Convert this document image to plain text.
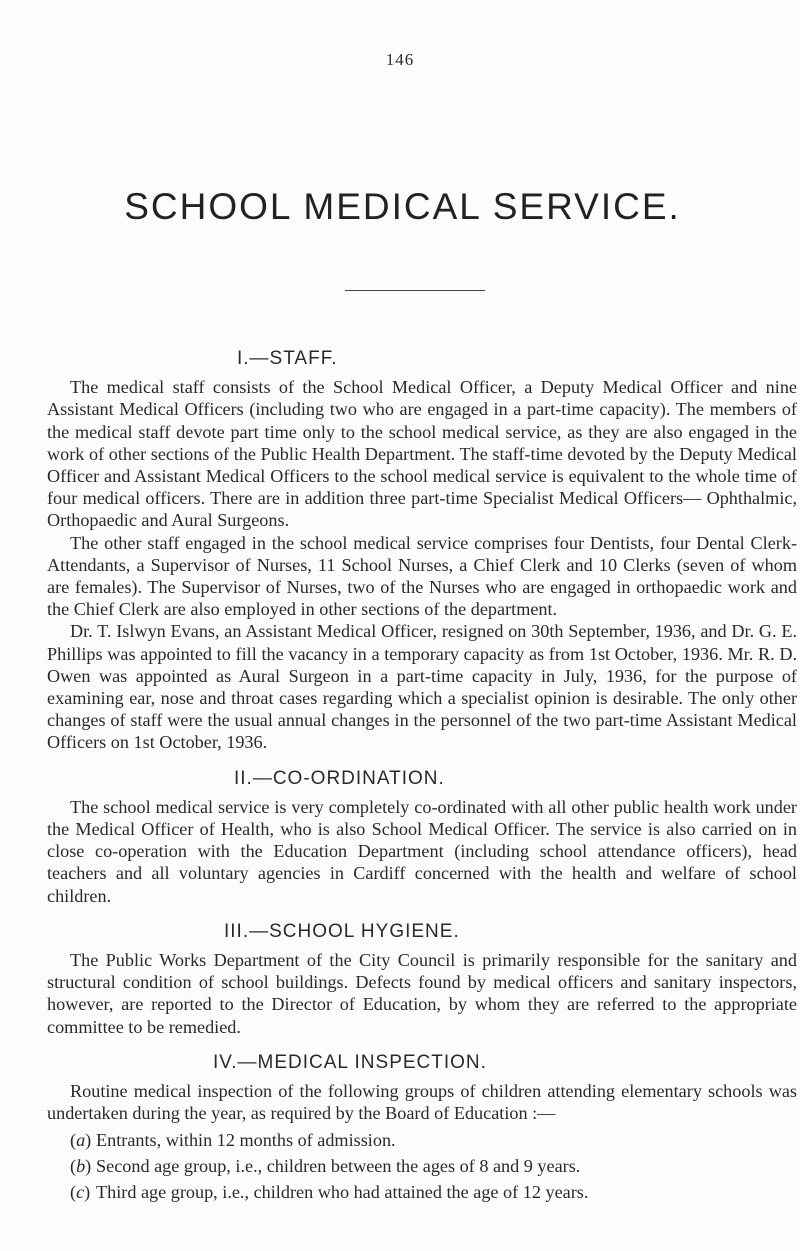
146
SCHOOL MEDICAL SERVICE.
I.—STAFF.

The medical staff consists of the School Medical Officer, a Deputy Medical Officer and nine Assistant Medical Officers (including two who are engaged in a part-time capacity). The members of the medical staff devote part time only to the school medical service, as they are also engaged in the work of other sections of the Public Health Department. The staff-time devoted by the Deputy Medical Officer and Assistant Medical Officers to the school medical service is equivalent to the whole time of four medical officers. There are in addition three part-time Specialist Medical Officers— Ophthalmic, Orthopaedic and Aural Surgeons.

The other staff engaged in the school medical service comprises four Dentists, four Dental Clerk-Attendants, a Supervisor of Nurses, 11 School Nurses, a Chief Clerk and 10 Clerks (seven of whom are females). The Supervisor of Nurses, two of the Nurses who are engaged in orthopaedic work and the Chief Clerk are also employed in other sections of the department.

Dr. T. Islwyn Evans, an Assistant Medical Officer, resigned on 30th September, 1936, and Dr. G. E. Phillips was appointed to fill the vacancy in a temporary capacity as from 1st October, 1936. Mr. R. D. Owen was appointed as Aural Surgeon in a part-time capacity in July, 1936, for the purpose of examining ear, nose and throat cases regarding which a specialist opinion is desirable. The only other changes of staff were the usual annual changes in the personnel of the two part-time Assistant Medical Officers on 1st October, 1936.

II.—CO-ORDINATION.

The school medical service is very completely co-ordinated with all other public health work under the Medical Officer of Health, who is also School Medical Officer. The service is also carried on in close co-operation with the Education Department (including school attendance officers), head teachers and all voluntary agencies in Cardiff concerned with the health and welfare of school children.

III.—SCHOOL HYGIENE.

The Public Works Department of the City Council is primarily responsible for the sanitary and structural condition of school buildings. Defects found by medical officers and sanitary inspectors, however, are reported to the Director of Education, by whom they are referred to the appropriate committee to be remedied.

IV.—MEDICAL INSPECTION.

Routine medical inspection of the following groups of children attending elementary schools was undertaken during the year, as required by the Board of Education :—

(a) Entrants, within 12 months of admission.
(b) Second age group, i.e., children between the ages of 8 and 9 years.
(c) Third age group, i.e., children who had attained the age of 12 years.
